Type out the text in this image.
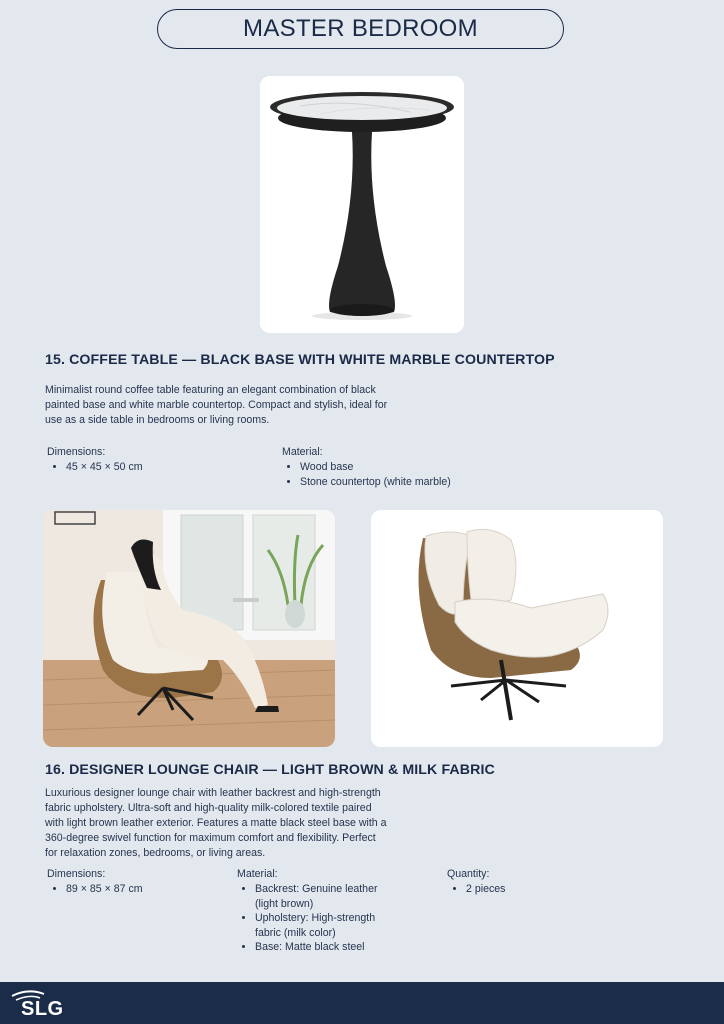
MASTER BEDROOM
15. COFFEE TABLE — BLACK BASE WITH WHITE MARBLE COUNTERTOP
Minimalist round coffee table featuring an elegant combination of black
painted base and white marble countertop. Compact and stylish, ideal for
use as a side table in bedrooms or living rooms.
Dimensions:
• 45 × 45 × 50 cm
Material:
• Wood base
• Stone countertop (white marble)
16. DESIGNER LOUNGE CHAIR — LIGHT BROWN & MILK FABRIC
Luxurious designer lounge chair with leather backrest and high-strength
fabric upholstery. Ultra-soft and high-quality milk-colored textile paired
with light brown leather exterior. Features a matte black steel base with a
360-degree swivel function for maximum comfort and flexibility. Perfect
for relaxation zones, bedrooms, or living areas.
Dimensions:
• 89 × 85 × 87 cm
Material:
• Backrest: Genuine leather
(light brown)
• Upholstery: High-strength
fabric (milk color)
• Base: Matte black steel
Quantity:
• 2 pieces
SLG
